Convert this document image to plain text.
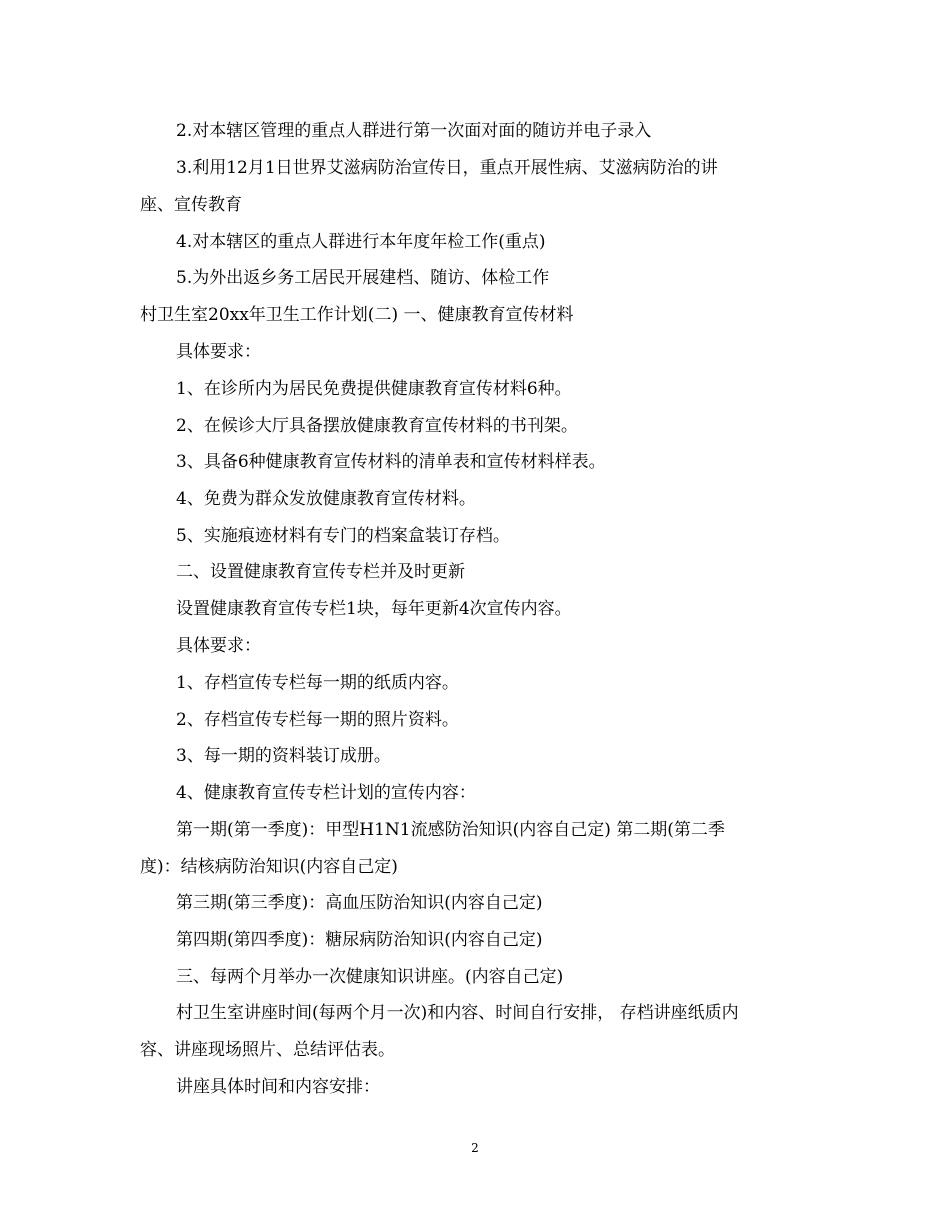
2.对本辖区管理的重点人群进行第一次面对面的随访并电子录入
3.利用12月1日世界艾滋病防治宣传日，重点开展性病、艾滋病防治的讲
座、宣传教育
4.对本辖区的重点人群进行本年度年检工作(重点)
5.为外出返乡务工居民开展建档、随访、体检工作
村卫生室20xx年卫生工作计划(二) 一、健康教育宣传材料
具体要求：
1、在诊所内为居民免费提供健康教育宣传材料6种。
2、在候诊大厅具备摆放健康教育宣传材料的书刊架。
3、具备6种健康教育宣传材料的清单表和宣传材料样表。
4、免费为群众发放健康教育宣传材料。
5、实施痕迹材料有专门的档案盒装订存档。
二、设置健康教育宣传专栏并及时更新
设置健康教育宣传专栏1块，每年更新4次宣传内容。
具体要求：
1、存档宣传专栏每一期的纸质内容。
2、存档宣传专栏每一期的照片资料。
3、每一期的资料装订成册。
4、健康教育宣传专栏计划的宣传内容：
第一期(第一季度)：甲型H1N1流感防治知识(内容自己定) 第二期(第二季
度)：结核病防治知识(内容自己定)
第三期(第三季度)：高血压防治知识(内容自己定)
第四期(第四季度)：糖尿病防治知识(内容自己定)
三、每两个月举办一次健康知识讲座。(内容自己定)
村卫生室讲座时间(每两个月一次)和内容、时间自行安排， 存档讲座纸质内
容、讲座现场照片、总结评估表。
讲座具体时间和内容安排：
2
